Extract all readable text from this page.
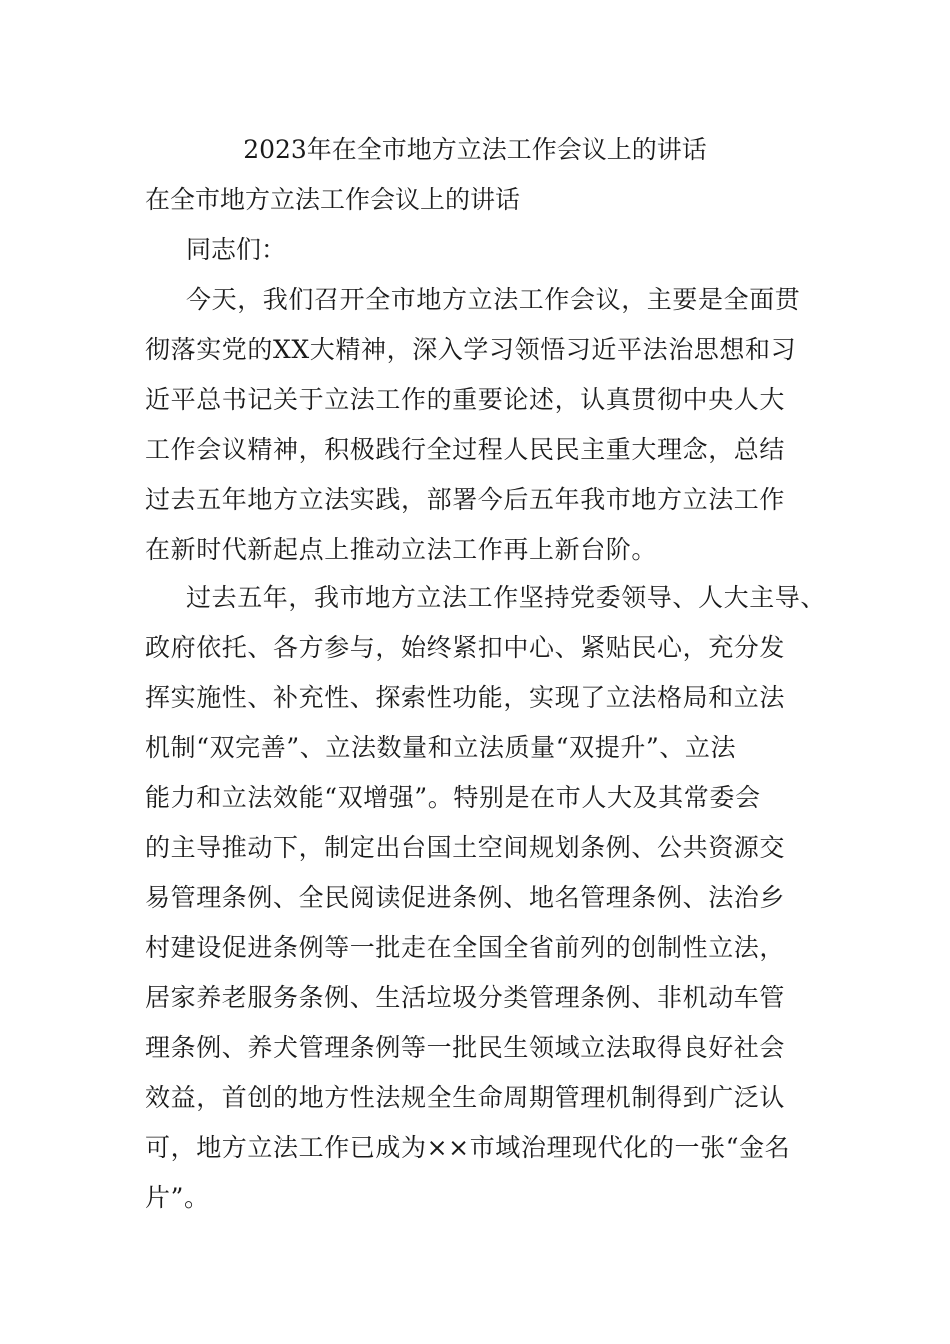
2023年在全市地方立法工作会议上的讲话

在全市地方立法工作会议上的讲话

同志们：

今天，我们召开全市地方立法工作会议，主要是全面贯
彻落实党的XX大精神，深入学习领悟习近平法治思想和习
近平总书记关于立法工作的重要论述，认真贯彻中央人大
工作会议精神，积极践行全过程人民民主重大理念，总结
过去五年地方立法实践，部署今后五年我市地方立法工作
在新时代新起点上推动立法工作再上新台阶。
过去五年，我市地方立法工作坚持党委领导、人大主导、
政府依托、各方参与，始终紧扣中心、紧贴民心，充分发
挥实施性、补充性、探索性功能，实现了立法格局和立法
机制“双完善”、立法数量和立法质量“双提升”、立法
能力和立法效能“双增强”。特别是在市人大及其常委会
的主导推动下，制定出台国土空间规划条例、公共资源交
易管理条例、全民阅读促进条例、地名管理条例、法治乡
村建设促进条例等一批走在全国全省前列的创制性立法，
居家养老服务条例、生活垃圾分类管理条例、非机动车管
理条例、养犬管理条例等一批民生领域立法取得良好社会
效益，首创的地方性法规全生命周期管理机制得到广泛认
可，地方立法工作已成为××市域治理现代化的一张“金名
片”。
